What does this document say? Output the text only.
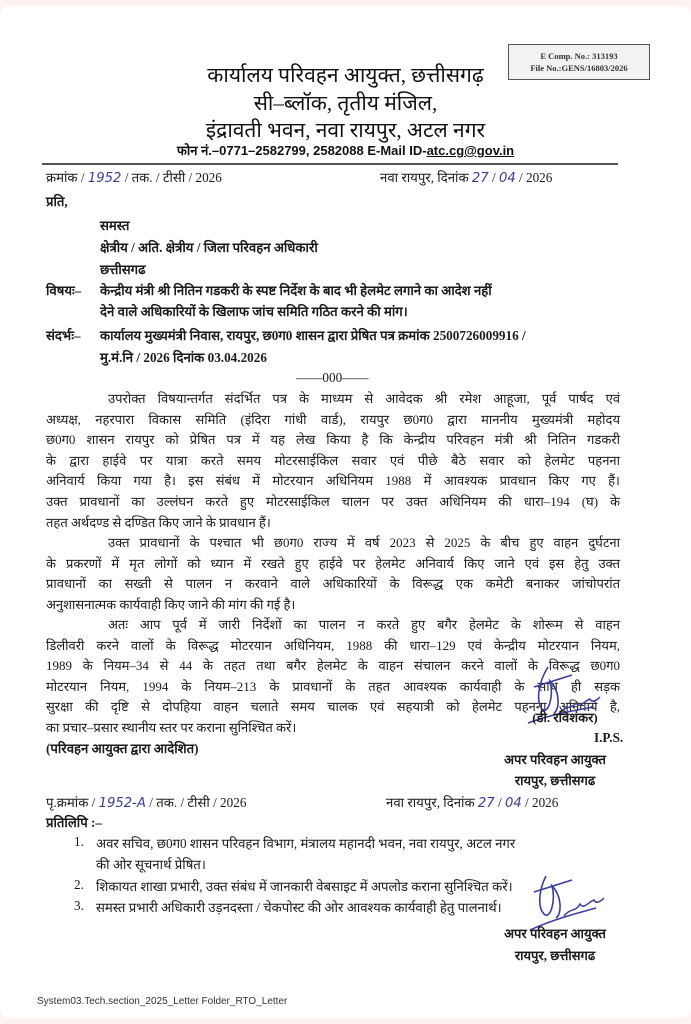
E Comp. No.: 313193
File No.:GENS/16803/2026
कार्यालय परिवहन आयुक्त, छत्तीसगढ़
सी–ब्लॉक, तृतीय मंजिल,
इंद्रावती भवन, नवा रायपुर, अटल नगर
फोन नं.–0771–2582799, 2582088 E-Mail ID-atc.cg@gov.in
क्रमांक / 1952 / तक. / टीसी / 2026	नवा रायपुर, दिनांक 27 / 04 / 2026
प्रति,
समस्त
क्षेत्रीय / अति. क्षेत्रीय / जिला परिवहन अधिकारी
छत्तीसगढ
विषयः– केन्द्रीय मंत्री श्री नितिन गडकरी के स्पष्ट निर्देश के बाद भी हेलमेट लगाने का आदेश नहीं
देने वाले अधिकारियों के खिलाफ जांच समिति गठित करने की मांग।
संदर्भः– कार्यालय मुख्यमंत्री निवास, रायपुर, छ0ग0 शासन द्वारा प्रेषित पत्र क्रमांक 2500726009916 /
मु.मं.नि / 2026 दिनांक 03.04.2026
——000——
उपरोक्त विषयान्तर्गत संदर्भित पत्र के माध्यम से आवेदक श्री रमेश आहूजा, पूर्व पार्षद एवं
अध्यक्ष, नहरपारा विकास समिति (इंदिरा गांधी वार्ड), रायपुर छ0ग0 द्वारा माननीय मुख्यमंत्री महोदय
छ0ग0 शासन रायपुर को प्रेषित पत्र में यह लेख किया है कि केन्द्रीय परिवहन मंत्री श्री नितिन गडकरी
के द्वारा हाईवे पर यात्रा करते समय मोटरसाईकिल सवार एवं पीछे बैठे सवार को हेलमेट पहनना
अनिवार्य किया गया है। इस संबंध में मोटरयान अधिनियम 1988 में आवश्यक प्रावधान किए गए हैं।
उक्त प्रावधानों का उल्लंघन करते हुए मोटरसाईकिल चालन पर उक्त अधिनियम की धारा–194 (घ) के
तहत अर्थदण्ड से दण्डित किए जाने के प्रावधान हैं।
उक्त प्रावधानों के पश्चात भी छ0ग0 राज्य में वर्ष 2023 से 2025 के बीच हुए वाहन दुर्घटना
के प्रकरणों में मृत लोगों को ध्यान में रखते हुए हाईवे पर हेलमेट अनिवार्य किए जाने एवं इस हेतु उक्त
प्रावधानों का सख्ती से पालन न करवाने वाले अधिकारियों के विरूद्ध एक कमेटी बनाकर जांचोपरांत
अनुशासनात्मक कार्यवाही किए जाने की मांग की गई है।
अतः आप पूर्व में जारी निर्देशों का पालन न करते हुए बगैर हेलमेट के शोरूम से वाहन
डिलीवरी करने वालों के विरूद्ध मोटरयान अधिनियम, 1988 की धारा–129 एवं केन्द्रीय मोटरयान नियम,
1989 के नियम–34 से 44 के तहत तथा बगैर हेलमेट के वाहन संचालन करने वालों के विरूद्ध छ0ग0
मोटरयान नियम, 1994 के नियम–213 के प्रावधानों के तहत आवश्यक कार्यवाही के साथ ही सड़क
सुरक्षा की दृष्टि से दोपहिया वाहन चलाते समय चालक एवं सहयात्री को हेलमेट पहनना अनिवार्य है,
का प्रचार–प्रसार स्थानीय स्तर पर कराना सुनिश्चित करें।
(परिवहन आयुक्त द्वारा आदेशित)
(डी. रविशंकर)
I.P.S.
अपर परिवहन आयुक्त
रायपुर, छत्तीसगढ
पृ.क्रमांक / 1952-A / तक. / टीसी / 2026	नवा रायपुर, दिनांक 27 / 04 / 2026
प्रतिलिपि :–
1. अवर सचिव, छ0ग0 शासन परिवहन विभाग, मंत्रालय महानदी भवन, नवा रायपुर, अटल नगर
की ओर सूचनार्थ प्रेषित।
2. शिकायत शाखा प्रभारी, उक्त संबंध में जानकारी वेबसाइट में अपलोड कराना सुनिश्चित करें।
3. समस्त प्रभारी अधिकारी उड़नदस्ता / चेकपोस्ट की ओर आवश्यक कार्यवाही हेतु पालनार्थ।
अपर परिवहन आयुक्त
रायपुर, छत्तीसगढ
System03.Tech.section_2025_Letter Folder_RTO_Letter
